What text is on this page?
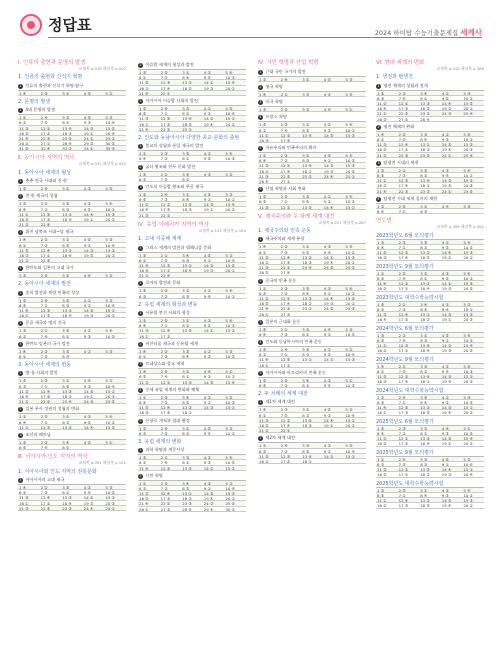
정답표	2024 하이탑 수능기출문제집 세계사
Ⅰ. 인류의 출현과 문명의 발생
교재쪽 p.018 해설쪽 p.002
1. 인류의 출현과 신석기 혁명
1 인류의 출현과 신석기 혁명 탐구
1 ④	2 ③	3 ①	4 ⑤	5 ②
2. 문명의 발생
1 4대 문명의 발생
1 ①	2 ④	3 ②	4 ⑤	5 ③
6 ②	7 ⑤	8 ①	9 ③	10 ④
11 ③	12 ①	13 ④	14 ②	15 ⑤
16 ⑤	17 ②	18 ③	19 ①	20 ④
21 ④	22 ③	23 ⑤	24 ①	25 ②
26 ②	27 ①	28 ④	29 ③	30 ⑤
31 ⑤	32 ④	33 ②	34 ①	35 ③
Ⅱ. 동아시아 지역의 역사
교재쪽 p.031 해설쪽 p.020
1. 동아시아 세계의 형성
1 춘추·전국 시대와 진·한
1 ②	2 ④	3 ①	4 ③	5 ⑤
2 진·한 제국의 성립
1 ③	2 ①	3 ⑤	4 ②	5 ④
6 ④	7 ②	8 ③	9 ⑤	10 ①
11 ①	12 ⑤	13 ②	14 ④	15 ③
16 ⑤	17 ③	18 ④	19 ①	20 ②
21 ②	22 ④
3 위진 남북조 시대~당 제국
1 ④	2 ②	3 ①	4 ⑤	5 ③
6 ①	7 ③	8 ⑤	9 ②	10 ④
11 ⑤	12 ④	13 ②	14 ③	15 ①
16 ③	17 ①	18 ④	19 ⑤	20 ②
21 ②	22 ⑤
4 한반도와 일본의 고대 국가
1 ③	2 ⑤	3 ①	4 ④	5 ②
2. 동아시아 세계의 발전
1 송의 발전과 북방 민족의 성장
1 ②	2 ④	3 ⑤	4 ①	5 ③
6 ⑤	7 ①	8 ③	9 ②	10 ④
11 ④	12 ③	13 ②	14 ⑤	15 ①
16 ①	17 ⑤	18 ④	19 ③	20 ②
2 몽골 제국과 명의 건국
1 ③	2 ①	3 ⑤	4 ②	5 ④
6 ②	7 ④	8 ①	9 ③	10 ⑤
3 한반도·일본의 국가 발전
1 ④	2 ②	3 ⑤	4 ①	5 ③
6 ①	7 ⑤	8 ③
3. 동아시아 세계의 변동
1 명·청 사회의 발전
1 ⑤	2 ③	3 ①	4 ④	5 ②
6 ③	7 ①	8 ⑤	9 ②	10 ④
11 ②	12 ④	13 ③	14 ⑤	15 ①
16 ④	17 ⑤	18 ②	19 ①	20 ③
21 ①	22 ②	23 ④	24 ③	25 ⑤
2 일본 무사 정권의 성립과 변화
1 ②	2 ⑤	3 ①	4 ③	5 ④
6 ④	7 ①	8 ③	9 ⑤	10 ②
11 ①	12 ③	13 ②	14 ④	15 ⑤
3 조선과 베트남
1 ③	2 ②	3 ④	4 ⑤	5 ①
6 ⑤	7 ④	8 ②
Ⅲ. 서아시아·인도 지역의 역사
교재쪽 p.091 해설쪽 p.101
1. 서아시아와 인도 지역의 전통문화
1 서아시아의 고대 제국
1 ④	2 ①	3 ⑤	4 ②	5 ③
6 ②	7 ③	8 ①	9 ④	10 ⑤
11 ⑤	12 ④	13 ③	14 ①	15 ②
16 ①	17 ②	18 ④	19 ⑤	20 ③
21 ③	22 ⑤	23 ②	24 ④	25 ①
2 이슬람 세계의 형성과 발전
1 ③	2 ⑤	3 ①	4 ②	5 ④
6 ①	7 ②	8 ④	9 ⑤	10 ③
11 ⑤	12 ③	13 ②	14 ①	15 ④
16 ②	17 ④	18 ⑤	19 ③	20 ①
21 ④	22 ①
3 서아시아 이슬람 사회의 발전
1 ②	2 ④	3 ③	4 ①	5 ⑤
6 ⑤	7 ①	8 ②	9 ③	10 ④
11 ③	12 ⑤	13 ④	14 ②	15 ①
16 ①	17 ③	18 ⑤	19 ④	20 ②
21 ④	22 ②	23 ①
2. 인도와 동남아시아 다양한 종교·문화의 출현
1 불교의 성립과 통일 제국의 발전
1 ①	2 ③	3 ⑤	4 ②	5 ④
6 ④	7 ②	8 ①	9 ⑤	10 ③
2 굽타 왕조와 힌두 문화 발전
1 ⑤	2 ①	3 ④	4 ③	5 ②
6 ③	7 ⑤	8 ②
3 인도의 이슬람 왕조와 무굴 제국
1 ②	2 ④	3 ①	4 ⑤	5 ③
6 ⑤	7 ③	8 ④	9 ②	10 ①
11 ①	12 ②	13 ⑤	14 ③	15 ④
16 ④	17 ⑤	18 ③	19 ①	20 ②
21 ③	22 ①
Ⅳ. 유럽·아메리카 지역의 역사
교재쪽 p.133 해설쪽 p.164
1. 고대 지중해 세계
1 그리스 세계의 발전과 헬레니즘 문화
1 ③	2 ①	3 ④	4 ⑤	5 ②
6 ②	7 ⑤	8 ③	9 ①	10 ④
11 ④	12 ③	13 ①	14 ②	15 ⑤
16 ⑤	17 ②	18 ④	19 ③	20 ①
21 ①	22 ④
2 로마의 발전과 문화
1 ⑤	2 ③	3 ②	4 ①	5 ④
6 ③	7 ②	8 ⑤	9 ④	10 ①
2. 유럽 세계의 형성과 변동
1 서유럽 봉건 사회의 형성
1 ②	2 ⑤	3 ①	4 ③	5 ④
6 ④	7 ①	8 ②	9 ⑤	10 ③
11 ③	12 ④	13 ⑤	14 ①	15 ②
16 ①	17 ③
2 비잔티움 제국과 동유럽 세계
1 ④	2 ②	3 ⑤	4 ①	5 ③
6 ①	7 ③	8 ④	9 ②	10 ⑤
3 르네상스와 종교 개혁
1 ③	2 ⑤	3 ②	4 ④	5 ①
6 ⑤	7 ④	8 ①	9 ③	10 ②
11 ②	12 ①	13 ③	14 ⑤	15 ④
4 중세 유럽 세계의 변화와 해체
1 ①	2 ③	3 ④	4 ②	5 ⑤
6 ④	7 ②	8 ⑤	9 ①	10 ③
11 ⑤	12 ④	13 ②	14 ③	15 ①
16 ③	17 ⑤	18 ①
5 신항로 개척과 절대 왕정
1 ②	2 ④	3 ①	4 ⑤	5 ③
6 ③	7 ⑤	8 ②	9 ④	10 ①
3. 유럽 세계의 변화
1 과학 혁명과 계몽사상
1 ⑤	2 ①	3 ③	4 ②	5 ④
6 ②	7 ④	8 ①	9 ③	10 ⑤
11 ④	12 ③	13 ⑤	14 ①	15 ②
2 시민 혁명
1 ①	2 ⑤	3 ④	4 ③	5 ②
6 ③	7 ②	8 ⑤	9 ①	10 ④
11 ②	12 ④	13 ①	14 ⑤	15 ③
16 ⑤	17 ③	18 ②	19 ④	20 ①
21 ④	22 ①	23 ③	24 ②	25 ⑤
26 ①	27 ③	28 ⑤	29 ④	30 ②
Ⅳ. 시민 혁명과 산업 혁명
1 근대 국민 국가의 발전
1 ②	2 ④	3 ①	4 ⑤	5 ③
2 영국 혁명
1 ④	2 ①	3 ③	4 ②	5 ⑤
3 미국 혁명
1 ③	2 ⑤	3 ②	4 ④	5 ①
4 프랑스 혁명
1 ⑤	2 ③	3 ①	4 ②	5 ④
6 ②	7 ④	8 ⑤	9 ③	10 ①
11 ①	12 ②	13 ④	14 ⑤	15 ③
16 ③	17 ⑤
5 자유주의와 민족주의의 확산
1 ①	2 ③	3 ②	4 ⑤	5 ④
6 ④	7 ②	8 ③	9 ①	10 ⑤
11 ⑤	12 ①	13 ④	14 ②	15 ③
16 ②	17 ④	18 ①	19 ③	20 ⑤
21 ③	22 ⑤	23 ②	24 ④	25 ①
26 ④	27 ①
6 산업 혁명과 사회 변화
1 ②	2 ⑤	3 ③	4 ①	5 ④
6 ⑤	7 ①	8 ④	9 ②	10 ③
11 ③	12 ②	13 ⑤	14 ④	15 ①
Ⅴ. 제국주의와 두 차례 세계 대전
교재쪽 p.227 해설쪽 p.287
1. 제국주의와 민족 운동
1 제국주의와 세계 분할
1 ④	2 ②	3 ①	4 ③	5 ⑤
6 ①	7 ③	8 ⑤	9 ④	10 ②
11 ⑤	12 ④	13 ②	14 ①	15 ③
16 ②	17 ⑤	18 ③	19 ④	20 ①
21 ③	22 ①	23 ④	24 ⑤	25 ②
26 ⑤	27 ④
2 중국의 민족 운동
1 ①	2 ③	3 ⑤	4 ②	5 ④
6 ③	7 ⑤	8 ④	9 ①	10 ②
11 ②	12 ①	13 ③	14 ④	15 ⑤
16 ⑤	17 ④	18 ②	19 ③	20 ①
21 ④	22 ②	23 ①	24 ⑤	25 ③
26 ①	27 ③
3 일본의 근대화 운동
1 ⑤	2 ①	3 ②	4 ④	5 ③
6 ④	7 ③	8 ①	9 ②	10 ⑤
4 인도와 동남아시아의 민족 운동
1 ③	2 ④	3 ⑤	4 ①	5 ②
6 ②	7 ①	8 ③	9 ⑤	10 ④
11 ④	12 ⑤	13 ①	14 ②	15 ③
16 ①	17 ②
5 서아시아와 아프리카의 민족 운동
1 ②	2 ⑤	3 ④	4 ③	5 ①
6 ⑤	7 ②	8 ①	9 ④	10 ③
2. 두 차례의 세계 대전
1 제1차 세계 대전
1 ④	2 ③	3 ①	4 ⑤	5 ②
6 ①	7 ⑤	8 ②	9 ③	10 ④
11 ③	12 ②	13 ⑤	14 ④	15 ①
16 ⑤	17 ④	18 ③	19 ①	20 ②
21 ②	22 ①
2 제2차 세계 대전
1 ①	2 ④	3 ③	4 ②	5 ⑤
6 ③	7 ②	8 ⑤	9 ①	10 ④
11 ⑤	12 ③	13 ④	14 ②	15 ①
16 ②	17 ⑤	18 ①
Ⅵ. 현대 세계의 변화
교재쪽 p.242 해설쪽 p.366
1. 냉전과 탈냉전
1 냉전 체제의 성립과 전개
1 ⑤	2 ②	3 ④	4 ①	5 ③
6 ③	7 ④	8 ①	9 ⑤	10 ②
11 ②	12 ①	13 ③	14 ④	15 ⑤
16 ④	17 ③	18 ⑤	19 ②	20 ①
21 ①	22 ⑤	23 ②	24 ③	25 ④
26 ③	27 ②	28 ④
2 냉전 체제의 완화
1 ④	2 ②	3 ③	4 ①	5 ⑤
6 ①	7 ⑤	8 ④	9 ③	10 ②
11 ③	12 ④	13 ①	14 ⑤	15 ②
16 ⑤	17 ①	18 ②	19 ④	20 ③
21 ②	22 ③	23 ⑤	24 ①	25 ④
3 탈냉전 시대의 세계
1 ③	2 ①	3 ⑤	4 ②	5 ④
6 ⑤	7 ③	8 ②	9 ④	10 ①
11 ①	12 ⑤	13 ④	14 ③	15 ②
16 ②	17 ④	18 ①	19 ⑤	20 ③
21 ④	22 ③	23 ②	24 ①	25 ⑤
4 탈냉전 시대 세계 질서의 재편
1 ②	2 ⑤	3 ①	4 ④	5 ③
6 ④	7 ①	8 ③
연도별
교재쪽 p.306 해설쪽 p.402
2023학년도 6월 모의평가
1 ②	2 ③	3 ⑤	4 ①	5 ④
6 ④	7 ①	8 ②	9 ③	10 ⑤
11 ⑤	12 ②	13 ①	14 ④	15 ③
16 ③	17 ④	18 ⑤	19 ②	20 ①
2023학년도 9월 모의평가
1 ①	2 ⑤	3 ②	4 ③	5 ④
6 ③	7 ④	8 ①	9 ⑤	10 ②
11 ④	12 ②	13 ③	14 ①	15 ⑤
16 ②	17 ①	18 ④	19 ③	20 ⑤
2023학년도 대학수학능력시험
1 ⑤	2 ①	3 ④	4 ②	5 ③
6 ②	7 ③	8 ⑤	9 ④	10 ①
11 ③	12 ④	13 ①	14 ⑤	15 ②
16 ④	17 ⑤	18 ②	19 ①	20 ③
2024학년도 6월 모의평가
1 ③	2 ②	3 ①	4 ⑤	5 ④
6 ⑤	7 ④	8 ③	9 ①	10 ②
11 ①	12 ③	13 ⑤	14 ②	15 ④
16 ②	17 ①	18 ④	19 ③	20 ⑤
2024학년도 9월 모의평가
1 ④	2 ①	3 ③	4 ②	5 ⑤
6 ①	7 ⑤	8 ②	9 ④	10 ③
11 ⑤	12 ②	13 ④	14 ③	15 ①
16 ③	17 ④	18 ①	19 ⑤	20 ②
2024학년도 대학수학능력시험
1 ②	2 ④	3 ⑤	4 ①	5 ③
6 ③	7 ①	8 ④	9 ②	10 ⑤
11 ④	12 ⑤	13 ②	14 ③	15 ①
16 ①	17 ③	18 ⑤	19 ④	20 ②
2025학년도 6월 모의평가
1 ⑤	2 ③	3 ②	4 ④	5 ①
6 ④	7 ②	8 ①	9 ③	10 ⑤
11 ②	12 ①	13 ③	14 ⑤	15 ④
16 ③	17 ⑤	18 ④	19 ①	20 ②
2025학년도 9월 모의평가
1 ①	2 ④	3 ③	4 ⑤	5 ②
6 ②	7 ⑤	8 ③	9 ①	10 ④
11 ③	12 ②	13 ⑤	14 ④	15 ①
16 ⑤	17 ①	18 ②	19 ③	20 ④
2025학년도 대학수학능력시험
1 ③	2 ⑤	3 ①	4 ②	5 ④
6 ⑤	7 ①	8 ④	9 ③	10 ②
11 ①	12 ④	13 ②	14 ⑤	15 ③
16 ②	17 ③	18 ⑤	19 ④	20 ①
